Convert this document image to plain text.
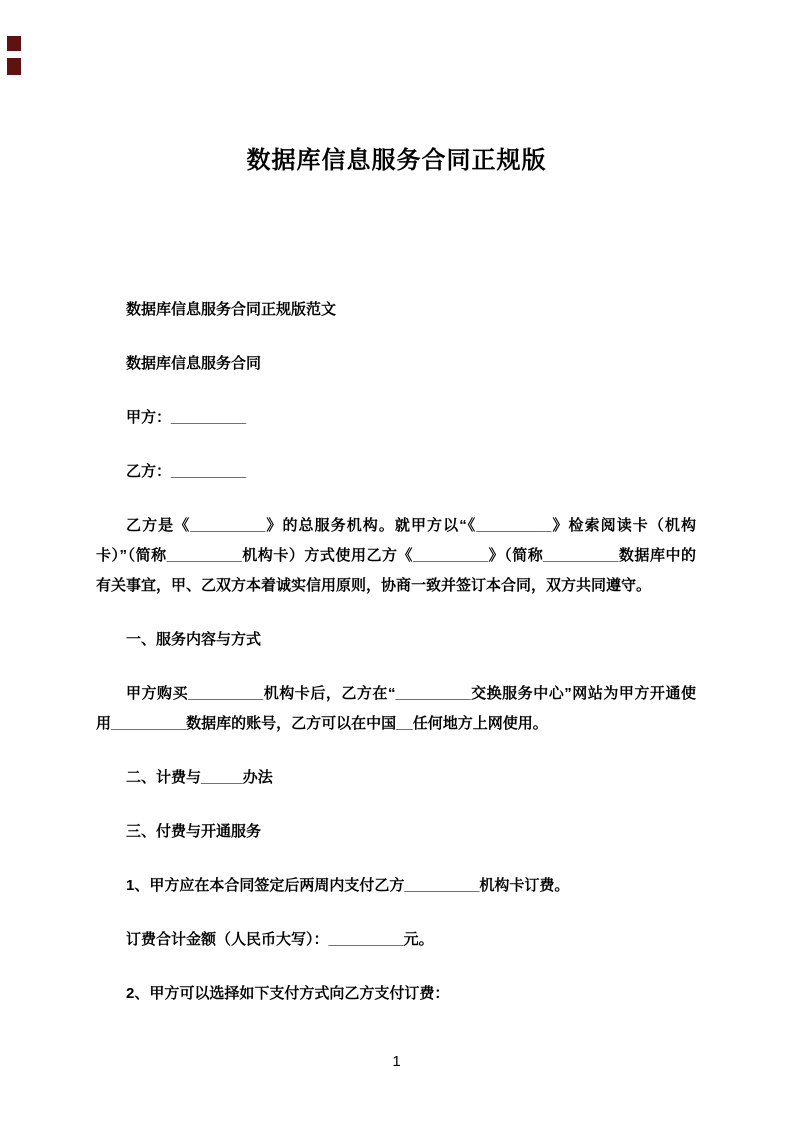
数据库信息服务合同正规版

数据库信息服务合同正规版范文

数据库信息服务合同

甲方：_________

乙方：_________

乙方是《_________》的总服务机构。就甲方以“《_________》检索阅读卡（机构卡）”（简称_________机构卡）方式使用乙方《_________》（简称_________数据库中的有关事宜，甲、乙双方本着诚实信用原则，协商一致并签订本合同，双方共同遵守。

一、服务内容与方式

甲方购买_________机构卡后，乙方在“_________交换服务中心”网站为甲方开通使用_________数据库的账号，乙方可以在中国__任何地方上网使用。

二、计费与_____办法

三、付费与开通服务

1、甲方应在本合同签定后两周内支付乙方_________机构卡订费。

订费合计金额（人民币大写）：_________元。

2、甲方可以选择如下支付方式向乙方支付订费：

1
